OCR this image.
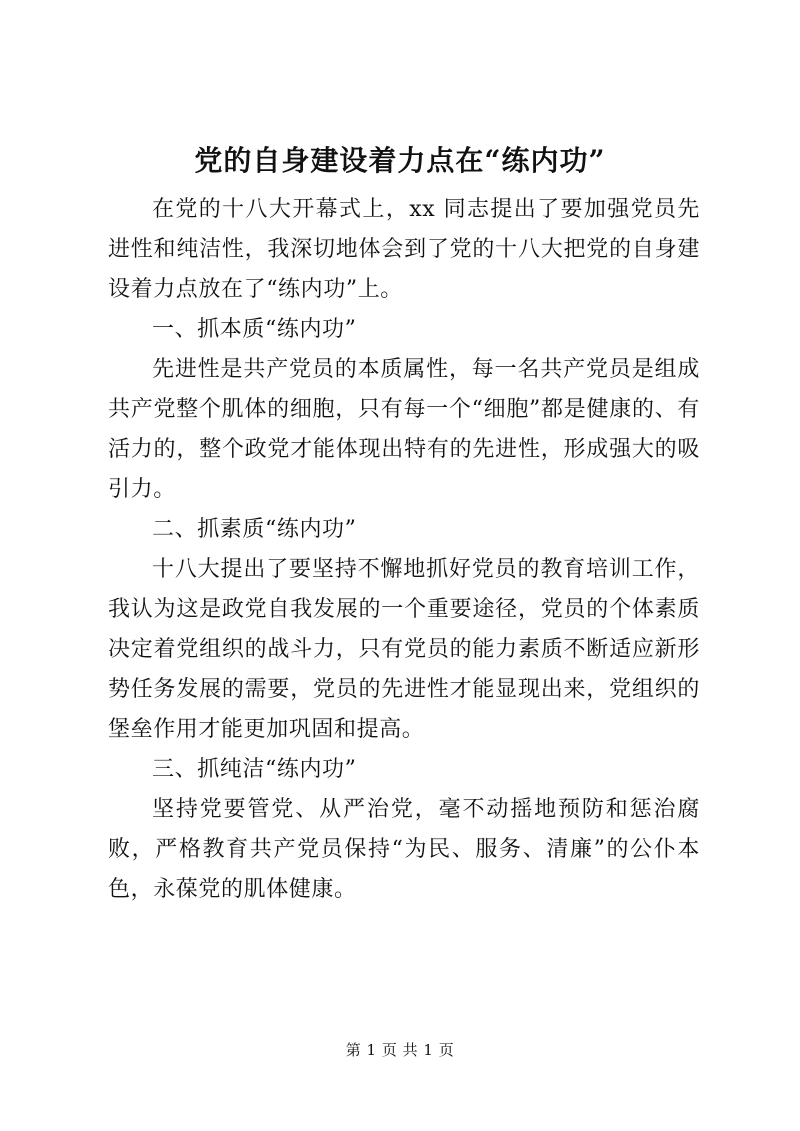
党的自身建设着力点在“练内功”

在党的十八大开幕式上，xx 同志提出了要加强党员先进性和纯洁性，我深切地体会到了党的十八大把党的自身建设着力点放在了“练内功”上。

一、抓本质“练内功”

先进性是共产党员的本质属性，每一名共产党员是组成共产党整个肌体的细胞，只有每一个“细胞”都是健康的、有活力的，整个政党才能体现出特有的先进性，形成强大的吸引力。

二、抓素质“练内功”

十八大提出了要坚持不懈地抓好党员的教育培训工作，我认为这是政党自我发展的一个重要途径，党员的个体素质决定着党组织的战斗力，只有党员的能力素质不断适应新形势任务发展的需要，党员的先进性才能显现出来，党组织的堡垒作用才能更加巩固和提高。

三、抓纯洁“练内功”

坚持党要管党、从严治党，毫不动摇地预防和惩治腐败，严格教育共产党员保持“为民、服务、清廉”的公仆本色，永葆党的肌体健康。

第 1 页 共 1 页
